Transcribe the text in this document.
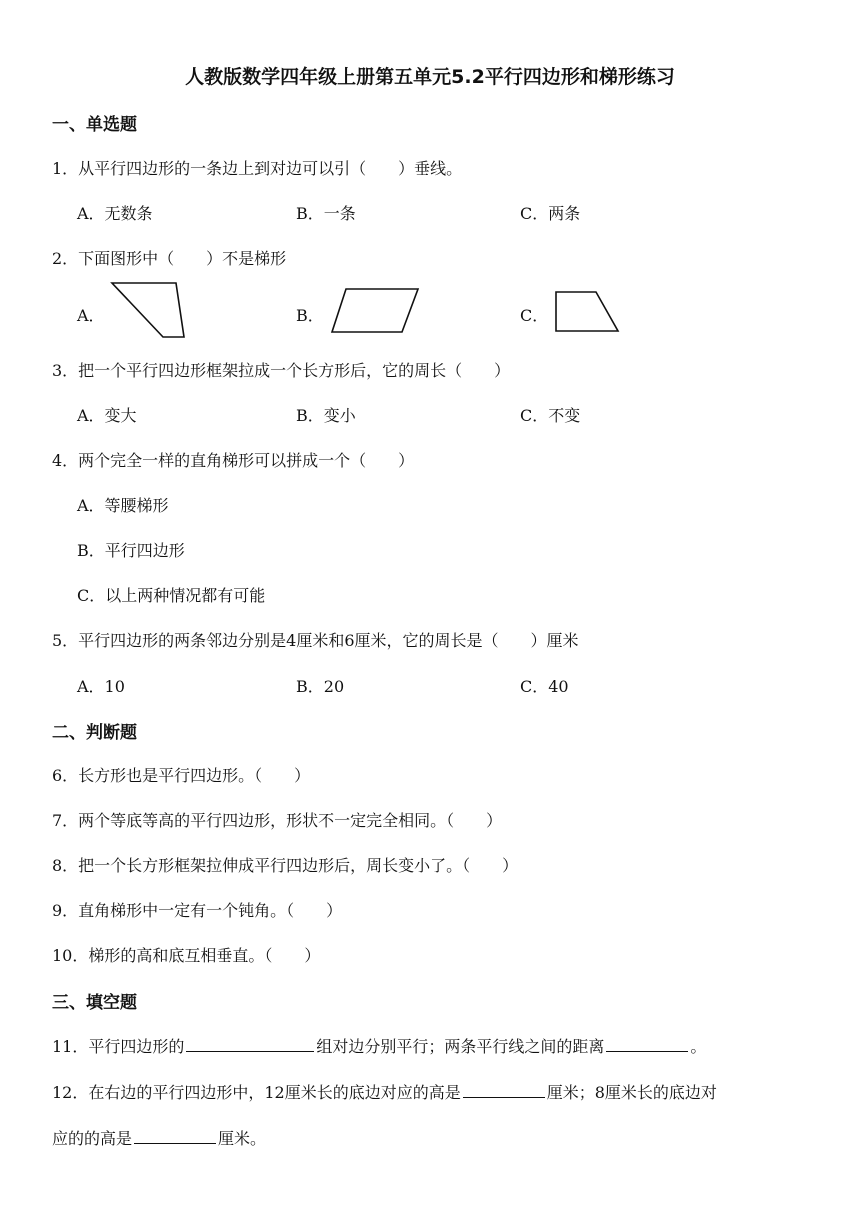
人教版数学四年级上册第五单元5.2平行四边形和梯形练习
一、单选题
1．从平行四边形的一条边上到对边可以引（　　）垂线。
A．无数条	B．一条	C．两条
2．下面图形中（　　）不是梯形
A．	B．	C．
3．把一个平行四边形框架拉成一个长方形后，它的周长（　　）
A．变大	B．变小	C．不变
4．两个完全一样的直角梯形可以拼成一个（　　）
A．等腰梯形
B．平行四边形
C．以上两种情况都有可能
5．平行四边形的两条邻边分别是4厘米和6厘米，它的周长是（　　）厘米
A．10	B．20	C．40
二、判断题
6．长方形也是平行四边形。（　　）
7．两个等底等高的平行四边形，形状不一定完全相同。（　　）
8．把一个长方形框架拉伸成平行四边形后，周长变小了。（　　）
9．直角梯形中一定有一个钝角。（　　）
10．梯形的高和底互相垂直。（　　）
三、填空题
11．平行四边形的	组对边分别平行；两条平行线之间的距离	。
12．在右边的平行四边形中，12厘米长的底边对应的高是	厘米；8厘米长的底边对
应的的高是	厘米。
